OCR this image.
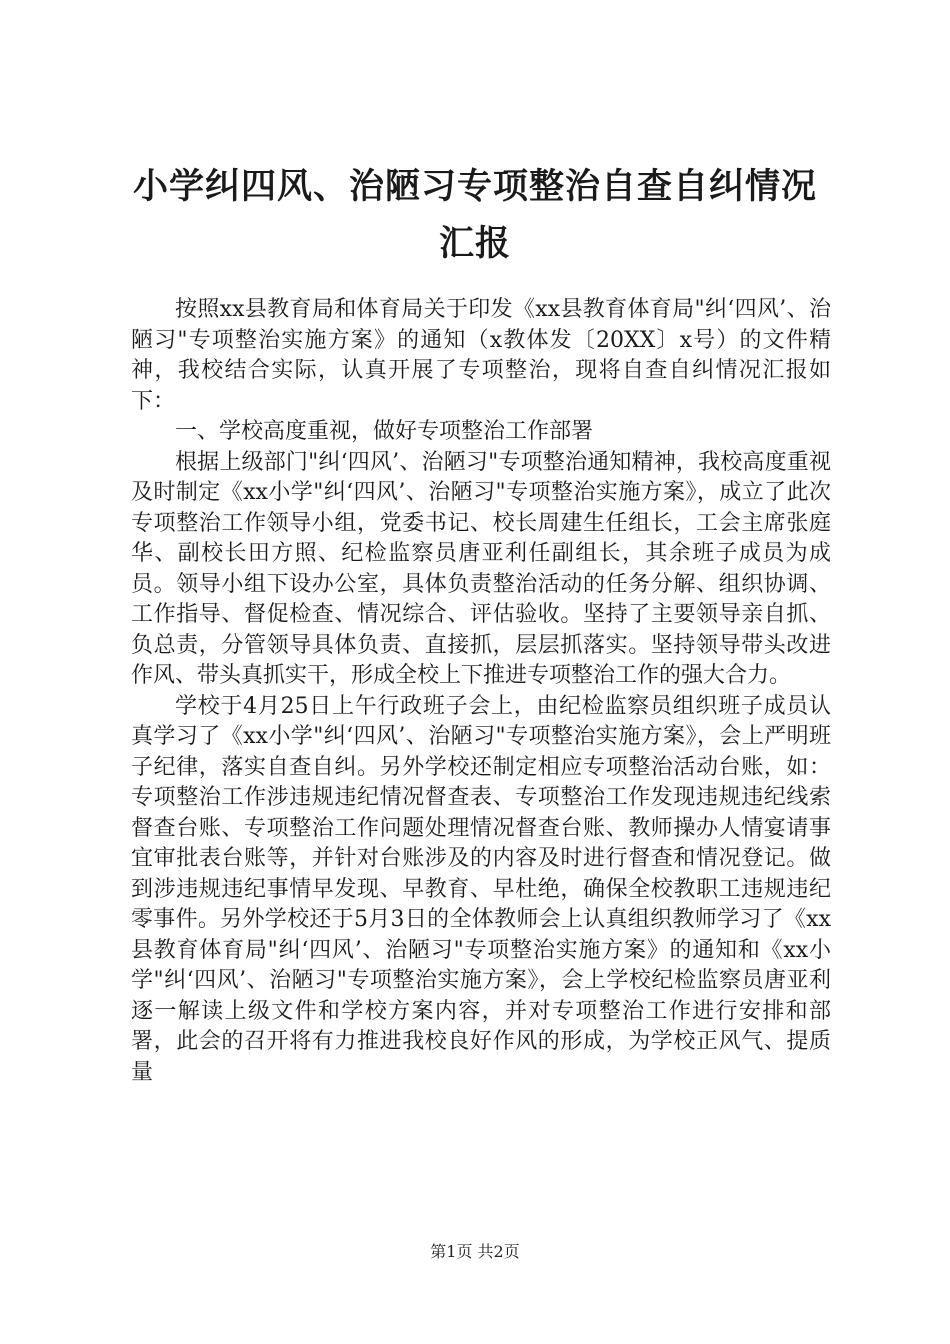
小学纠四风、治陋习专项整治自查自纠情况汇报

按照xx县教育局和体育局关于印发《xx县教育体育局"纠‘四风’、治陋习"专项整治实施方案》的通知（x教体发〔20XX〕x号）的文件精神，我校结合实际，认真开展了专项整治，现将自查自纠情况汇报如下：

一、学校高度重视，做好专项整治工作部署

根据上级部门"纠‘四风’、治陋习"专项整治通知精神，我校高度重视及时制定《xx小学"纠‘四风’、治陋习"专项整治实施方案》，成立了此次专项整治工作领导小组，党委书记、校长周建生任组长，工会主席张庭华、副校长田方照、纪检监察员唐亚利任副组长，其余班子成员为成员。领导小组下设办公室，具体负责整治活动的任务分解、组织协调、工作指导、督促检查、情况综合、评估验收。坚持了主要领导亲自抓、负总责，分管领导具体负责、直接抓，层层抓落实。坚持领导带头改进作风、带头真抓实干，形成全校上下推进专项整治工作的强大合力。

学校于4月25日上午行政班子会上，由纪检监察员组织班子成员认真学习了《xx小学"纠‘四风’、治陋习"专项整治实施方案》，会上严明班子纪律，落实自查自纠。另外学校还制定相应专项整治活动台账，如：专项整治工作涉违规违纪情况督查表、专项整治工作发现违规违纪线索督查台账、专项整治工作问题处理情况督查台账、教师操办人情宴请事宜审批表台账等，并针对台账涉及的内容及时进行督查和情况登记。做到涉违规违纪事情早发现、早教育、早杜绝，确保全校教职工违规违纪零事件。另外学校还于5月3日的全体教师会上认真组织教师学习了《xx县教育体育局"纠‘四风’、治陋习"专项整治实施方案》的通知和《xx小学"纠‘四风’、治陋习"专项整治实施方案》，会上学校纪检监察员唐亚利逐一解读上级文件和学校方案内容，并对专项整治工作进行安排和部署，此会的召开将有力推进我校良好作风的形成，为学校正风气、提质量

第1页 共2页
